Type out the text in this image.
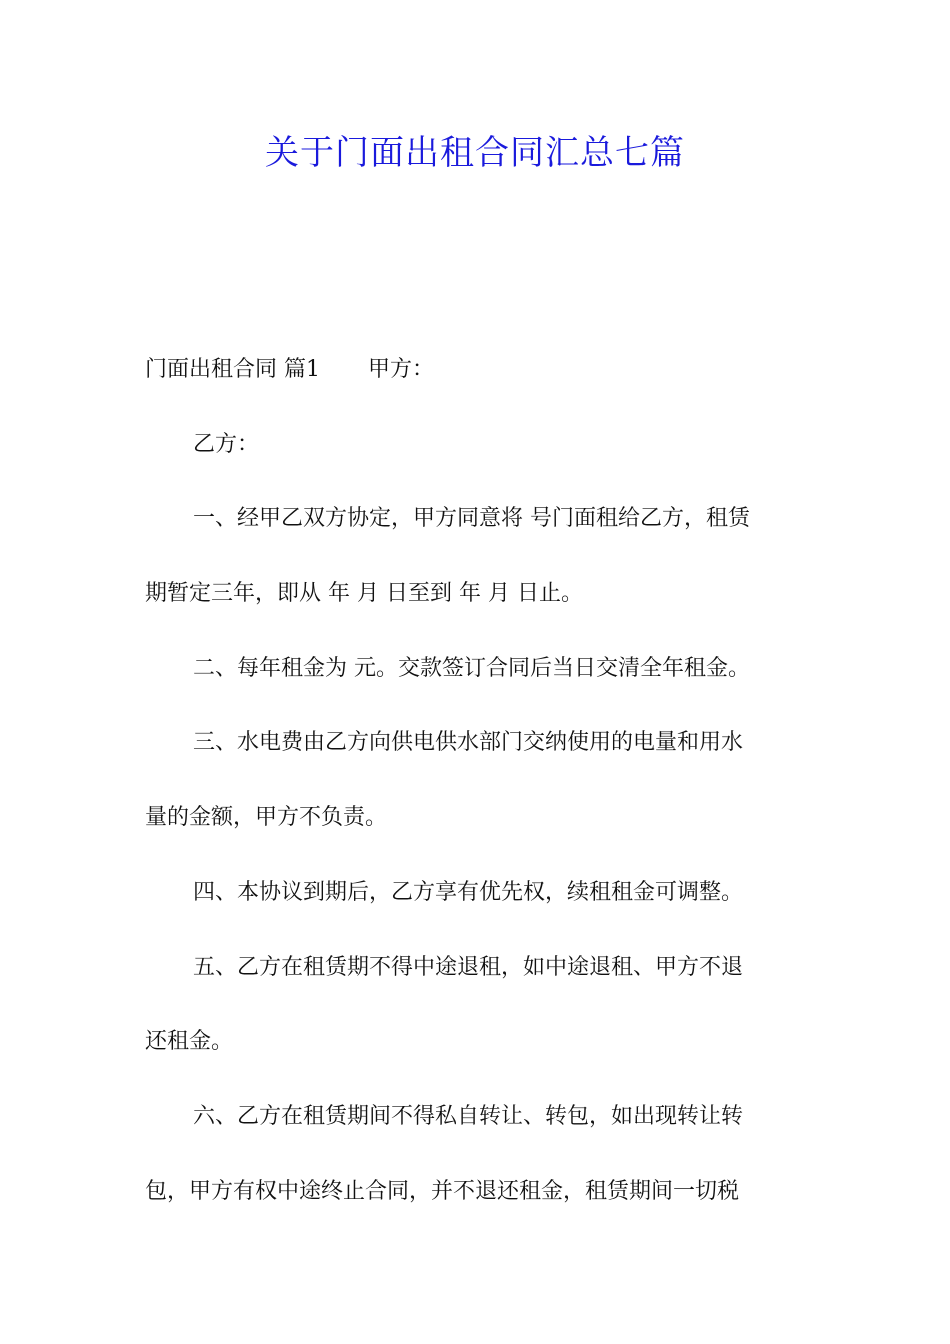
关于门面出租合同汇总七篇
门面出租合同 篇1 甲方：
乙方：
一、经甲乙双方协定，甲方同意将 号门面租给乙方，租赁
期暂定三年，即从 年 月 日至到 年 月 日止。
二、每年租金为 元。交款签订合同后当日交清全年租金。
三、水电费由乙方向供电供水部门交纳使用的电量和用水
量的金额，甲方不负责。
四、本协议到期后，乙方享有优先权，续租租金可调整。
五、乙方在租赁期不得中途退租，如中途退租、甲方不退
还租金。
六、乙方在租赁期间不得私自转让、转包，如出现转让转
包，甲方有权中途终止合同，并不退还租金，租赁期间一切税
